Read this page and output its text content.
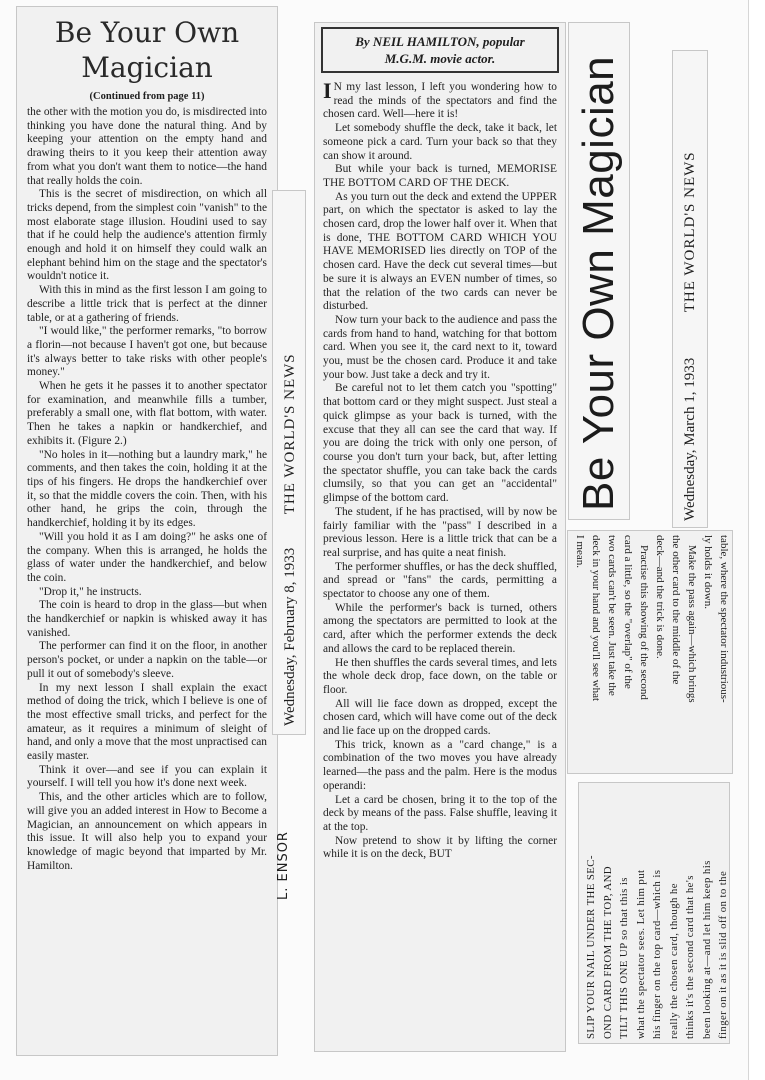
Be Your Own
Magician

(Continued from page 11)

the other with the motion you do, is misdirected into thinking you have done the natural thing. And by keeping your attention on the empty hand and drawing theirs to it you keep their attention away from what you don't want them to notice—the hand that really holds the coin.

This is the secret of misdirection, on which all tricks depend, from the simplest coin "vanish" to the most elaborate stage illusion. Houdini used to say that if he could help the audience's attention firmly enough and hold it on himself they could walk an elephant behind him on the stage and the spectator's wouldn't notice it.

With this in mind as the first lesson I am going to describe a little trick that is perfect at the dinner table, or at a gathering of friends.

"I would like," the performer remarks, "to borrow a florin—not because I haven't got one, but because it's always better to take risks with other people's money."

When he gets it he passes it to another spectator for examination, and meanwhile fills a tumber, preferably a small one, with flat bottom, with water. Then he takes a napkin or handkerchief, and exhibits it. (Figure 2.)

"No holes in it—nothing but a laundry mark," he comments, and then takes the coin, holding it at the tips of his fingers. He drops the handkerchief over it, so that the middle covers the coin. Then, with his other hand, he grips the coin, through the handkerchief, holding it by its edges.

"Will you hold it as I am doing?" he asks one of the company. When this is arranged, he holds the glass of water under the handkerchief, and below the coin.

"Drop it," he instructs.

The coin is heard to drop in the glass—but when the handkerchief or napkin is whisked away it has vanished.

The performer can find it on the floor, in another person's pocket, or under a napkin on the table—or pull it out of somebody's sleeve.

In my next lesson I shall explain the exact method of doing the trick, which I believe is one of the most effective small tricks, and perfect for the amateur, as it requires a minimum of sleight of hand, and only a move that the most unpractised can easily master.

Think it over—and see if you can explain it yourself. I will tell you how it's done next week.

This, and the other articles which are to follow, will give you an added interest in How to Become a Magician, an announcement on which appears in this issue. It will also help you to expand your knowledge of magic beyond that imparted by Mr. Hamilton.

Wednesday, February 8, 1933  THE WORLD'S NEWS
L. ENSOR
By NEIL HAMILTON, popular
M.G.M. movie actor.

I N my last lesson, I left you wondering how to read the minds of the spectators and find the chosen card. Well—here it is!

Let somebody shuffle the deck, take it back, let someone pick a card. Turn your back so that they can show it around.

But while your back is turned, MEMORISE THE BOTTOM CARD OF THE DECK.

As you turn out the deck and extend the UPPER part, on which the spectator is asked to lay the chosen card, drop the lower half over it. When that is done, THE BOTTOM CARD WHICH YOU HAVE MEMORISED lies directly on TOP of the chosen card. Have the deck cut several times—but be sure it is always an EVEN number of times, so that the relation of the two cards can never be disturbed.

Now turn your back to the audience and pass the cards from hand to hand, watching for that bottom card. When you see it, the card next to it, toward you, must be the chosen card. Produce it and take your bow. Just take a deck and try it.

Be careful not to let them catch you "spotting" that bottom card or they might suspect. Just steal a quick glimpse as your back is turned, with the excuse that they all can see the card that way. If you are doing the trick with only one person, of course you don't turn your back, but, after letting the spectator shuffle, you can take back the cards clumsily, so that you can get an "accidental" glimpse of the bottom card.

The student, if he has practised, will by now be fairly familiar with the "pass" I described in a previous lesson. Here is a little trick that can be a real surprise, and has quite a neat finish.

The performer shuffles, or has the deck shuffled, and spread or "fans" the cards, permitting a spectator to choose any one of them.

While the performer's back is turned, others among the spectators are permitted to look at the card, after which the performer extends the deck and allows the card to be replaced therein.

He then shuffles the cards several times, and lets the whole deck drop, face down, on the table or floor.

All will lie face down as dropped, except the chosen card, which will have come out of the deck and lie face up on the dropped cards.

This trick, known as a "card change," is a combination of the two moves you have already learned—the pass and the palm. Here is the modus operandi:

Let a card be chosen, bring it to the top of the deck by means of the pass. False shuffle, leaving it at the top.

Now pretend to show it by lifting the corner while it is on the deck, BUT

Be Your Own Magician	Wednesday, March 1, 1933  THE WORLD'S NEWS

table, where the spectator industrious-

ly holds it down.

Make the pass again—which brings

the other card to the middle of the

deck—and the trick is done.

Practise this showing of the second

card a little, so the "overlap" of the

two cards can't be seen. Just take the

deck in your hand and you'll see what

I mean.

SLIP YOUR NAIL UNDER THE SEC- OND CARD FROM THE TOP, AND TILT THIS ONE UP so that this is what the spectator sees. Let him put his finger on the top card—which is really the chosen card, though he thinks it's the second card that he's been looking at—and let him keep his finger on it as it is slid off on to the
